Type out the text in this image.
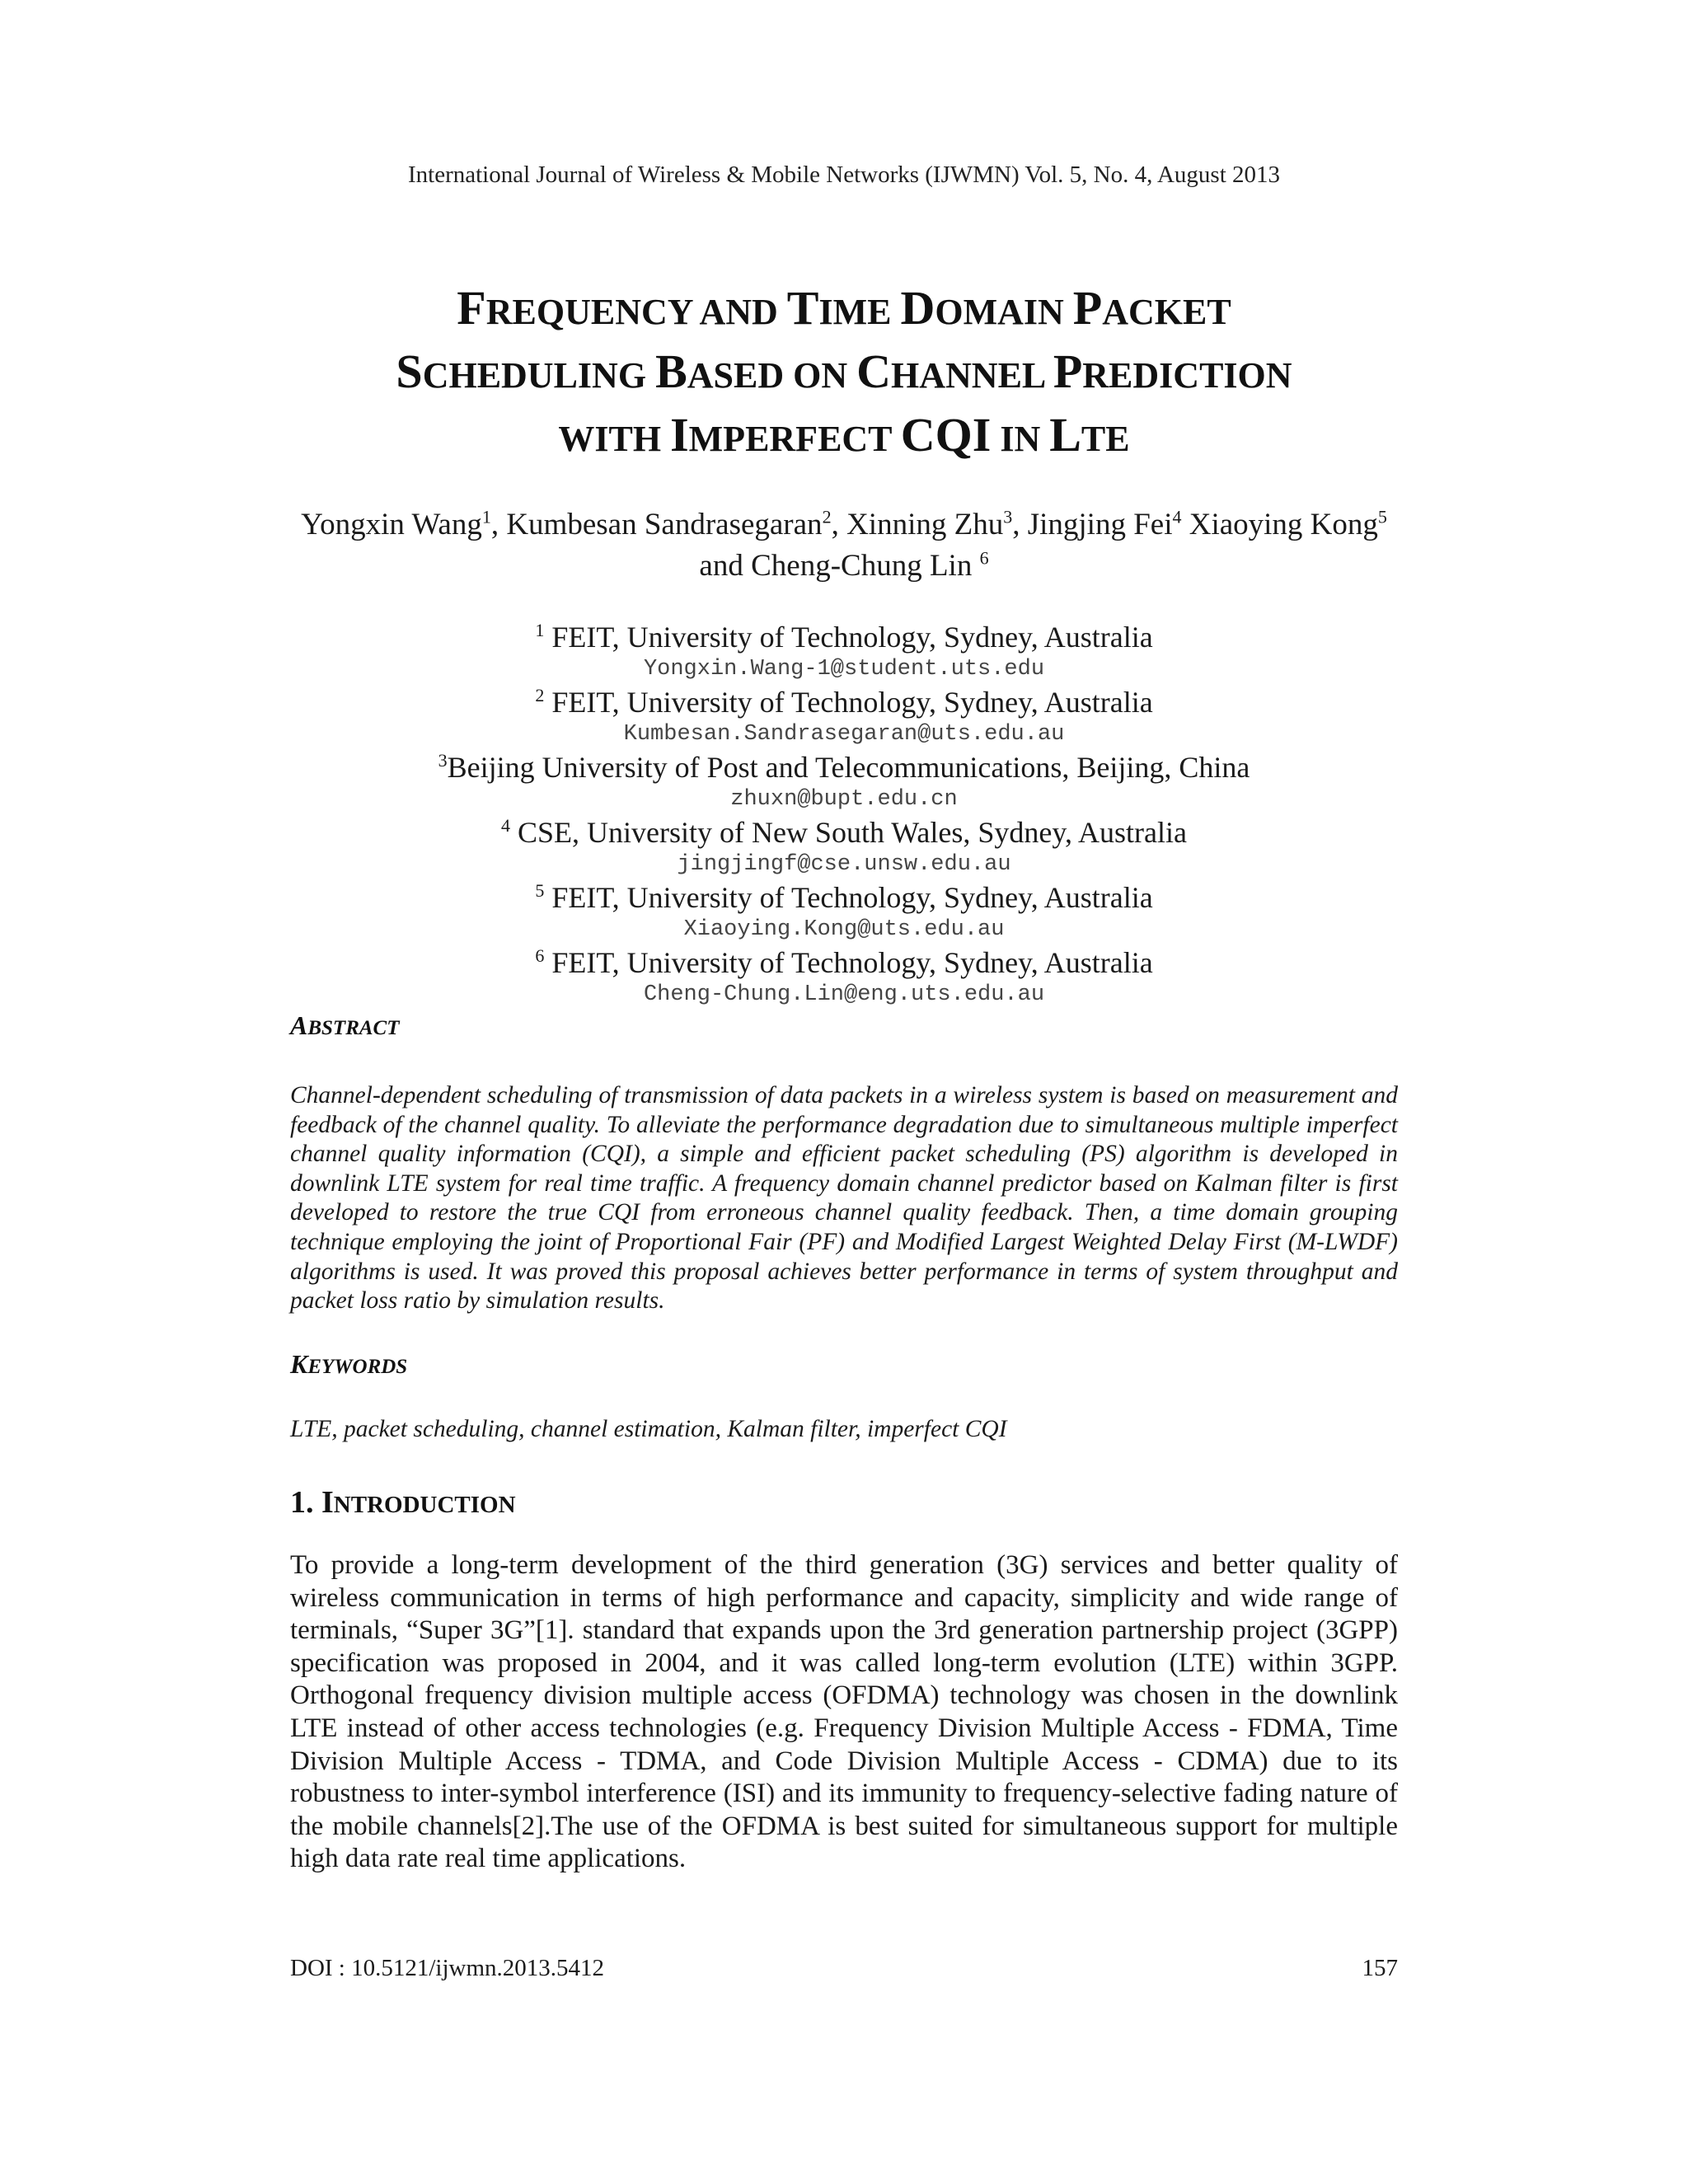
International Journal of Wireless & Mobile Networks (IJWMN) Vol. 5, No. 4, August 2013
FREQUENCY AND TIME DOMAIN PACKET
SCHEDULING BASED ON CHANNEL PREDICTION
WITH IMPERFECT CQI IN LTE
Yongxin Wang$^1$, Kumbesan Sandrasegaran$^2$, Xinning Zhu$^3$, Jingjing Fei$^4$ Xiaoying Kong$^5$ and Cheng-Chung Lin $^6$
$^1$ FEIT, University of Technology, Sydney, Australia
Yongxin.Wang-1@student.uts.edu
$^2$ FEIT, University of Technology, Sydney, Australia
Kumbesan.Sandrasegaran@uts.edu.au
$^3$Beijing University of Post and Telecommunications, Beijing, China
zhuxn@bupt.edu.cn
$^4$ CSE, University of New South Wales, Sydney, Australia
jingjingf@cse.unsw.edu.au
$^5$ FEIT, University of Technology, Sydney, Australia
Xiaoying.Kong@uts.edu.au
$^6$ FEIT, University of Technology, Sydney, Australia
Cheng-Chung.Lin@eng.uts.edu.au
ABSTRACT

Channel-dependent scheduling of transmission of data packets in a wireless system is based on measurement and feedback of the channel quality. To alleviate the performance degradation due to simultaneous multiple imperfect channel quality information (CQI), a simple and efficient packet scheduling (PS) algorithm is developed in downlink LTE system for real time traffic. A frequency domain channel predictor based on Kalman filter is first developed to restore the true CQI from erroneous channel quality feedback. Then, a time domain grouping technique employing the joint of Proportional Fair (PF) and Modified Largest Weighted Delay First (M-LWDF) algorithms is used. It was proved this proposal achieves better performance in terms of system throughput and packet loss ratio by simulation results.

KEYWORDS

LTE, packet scheduling, channel estimation, Kalman filter, imperfect CQI

1. INTRODUCTION

To provide a long-term development of the third generation (3G) services and better quality of wireless communication in terms of high performance and capacity, simplicity and wide range of terminals, “Super 3G”[1]. standard that expands upon the 3rd generation partnership project (3GPP) specification was proposed in 2004, and it was called long-term evolution (LTE) within 3GPP. Orthogonal frequency division multiple access (OFDMA) technology was chosen in the downlink LTE instead of other access technologies (e.g. Frequency Division Multiple Access - FDMA, Time Division Multiple Access - TDMA, and Code Division Multiple Access - CDMA) due to its robustness to inter-symbol interference (ISI) and its immunity to frequency-selective fading nature of the mobile channels[2].The use of the OFDMA is best suited for simultaneous support for multiple high data rate real time applications.

DOI : 10.5121/ijwmn.2013.5412	157
